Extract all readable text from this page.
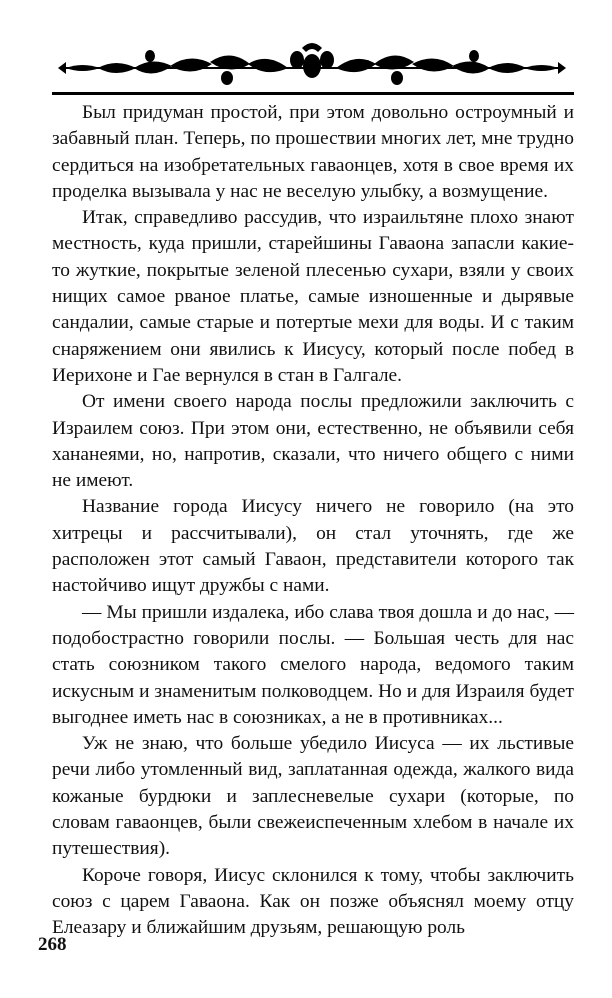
Был придуман простой, при этом довольно остроумный и забавный план. Теперь, по прошествии многих лет, мне трудно сердиться на изобретательных гаваонцев, хотя в свое время их проделка вызывала у нас не веселую улыбку, а возмущение.

Итак, справедливо рассудив, что израильтяне плохо знают местность, куда пришли, старейшины Гаваона запасли какие-то жуткие, покрытые зеленой плесенью сухари, взяли у своих нищих самое рваное платье, самые изношенные и дырявые сандалии, самые старые и потертые мехи для воды. И с таким снаряжением они явились к Иисусу, который после побед в Иерихоне и Гае вернулся в стан в Галгале.

От имени своего народа послы предложили заключить с Израилем союз. При этом они, естественно, не объявили себя хананеями, но, напротив, сказали, что ничего общего с ними не имеют.

Название города Иисусу ничего не говорило (на это хитрецы и рассчитывали), он стал уточнять, где же расположен этот самый Гаваон, представители которого так настойчиво ищут дружбы с нами.

— Мы пришли издалека, ибо слава твоя дошла и до нас, — подобострастно говорили послы. — Большая честь для нас стать союзником такого смелого народа, ведомого таким искусным и знаменитым полководцем. Но и для Израиля будет выгоднее иметь нас в союзниках, а не в противниках...

Уж не знаю, что больше убедило Иисуса — их льстивые речи либо утомленный вид, заплатанная одежда, жалкого вида кожаные бурдюки и заплесневелые сухари (которые, по словам гаваонцев, были свежеиспеченным хлебом в начале их путешествия).

Короче говоря, Иисус склонился к тому, чтобы заключить союз с царем Гаваона. Как он позже объяснял моему отцу Елеазару и ближайшим друзьям, решающую роль

268
